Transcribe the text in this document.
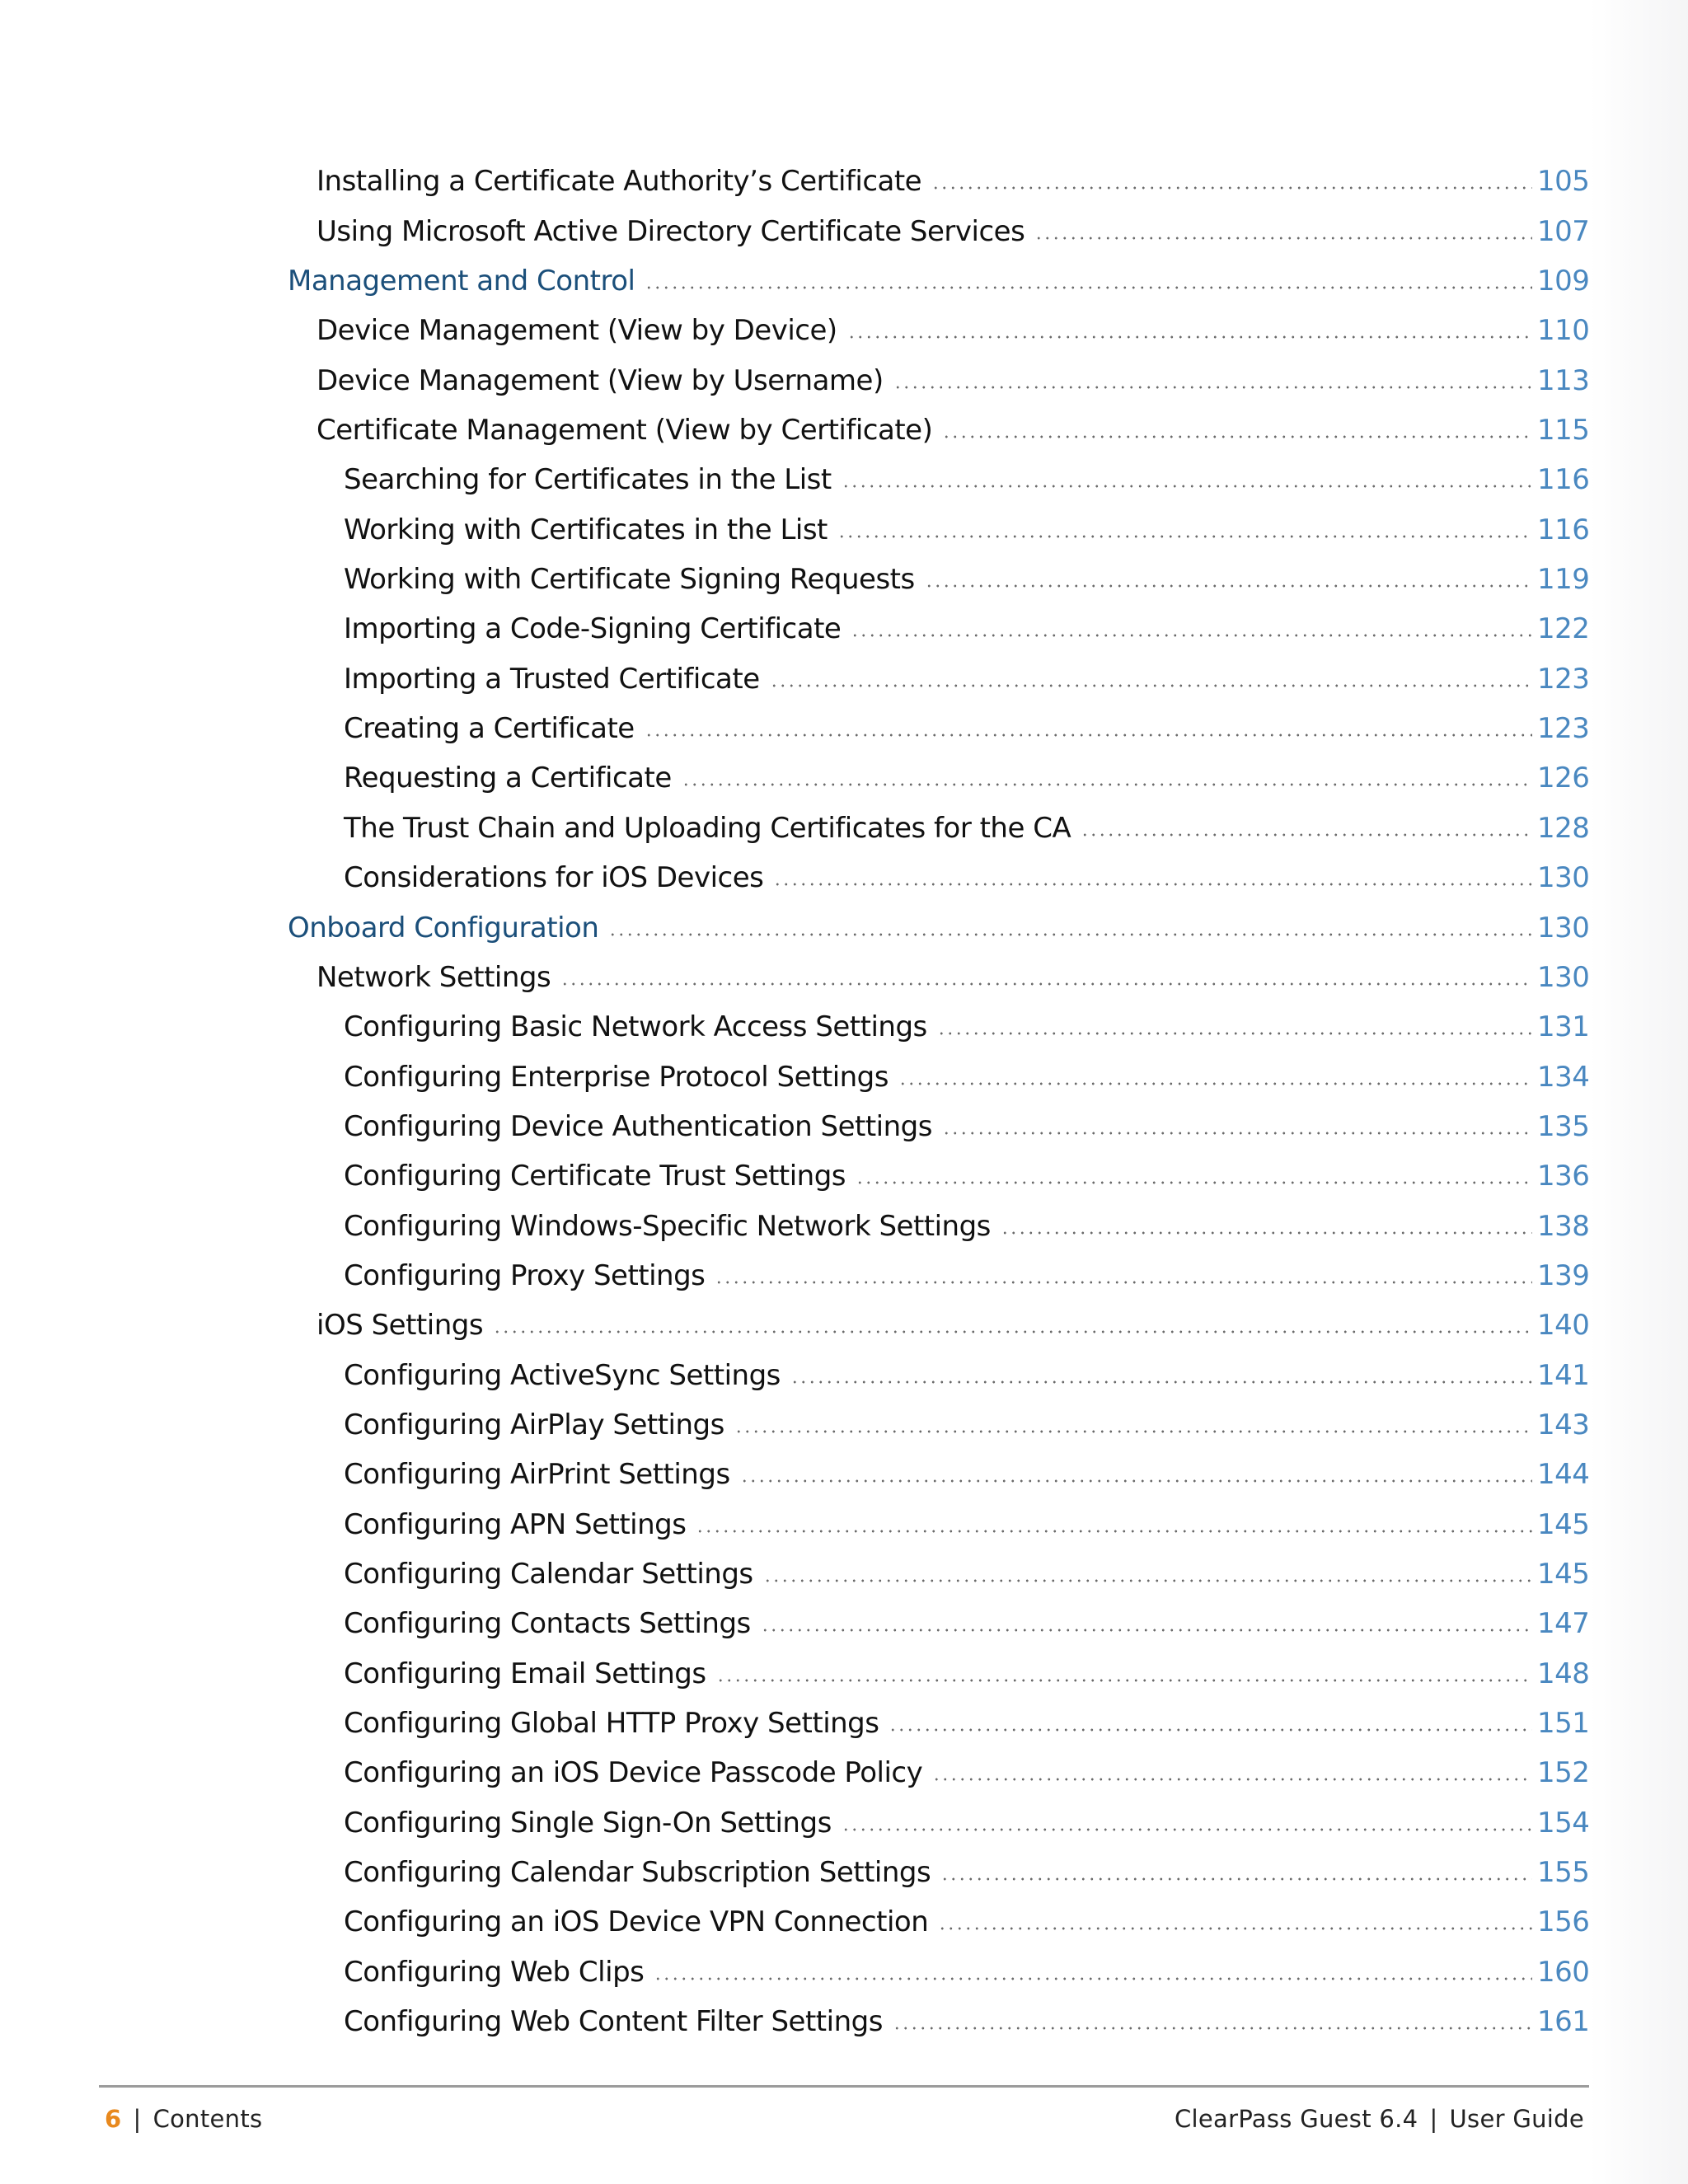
Installing a Certificate Authority’s Certificate	105
Using Microsoft Active Directory Certificate Services	107
Management and Control	109
Device Management (View by Device)	110
Device Management (View by Username)	113
Certificate Management (View by Certificate)	115
Searching for Certificates in the List	116
Working with Certificates in the List	116
Working with Certificate Signing Requests	119
Importing a Code-Signing Certificate	122
Importing a Trusted Certificate	123
Creating a Certificate	123
Requesting a Certificate	126
The Trust Chain and Uploading Certificates for the CA	128
Considerations for iOS Devices	130
Onboard Configuration	130
Network Settings	130
Configuring Basic Network Access Settings	131
Configuring Enterprise Protocol Settings	134
Configuring Device Authentication Settings	135
Configuring Certificate Trust Settings	136
Configuring Windows-Specific Network Settings	138
Configuring Proxy Settings	139
iOS Settings	140
Configuring ActiveSync Settings	141
Configuring AirPlay Settings	143
Configuring AirPrint Settings	144
Configuring APN Settings	145
Configuring Calendar Settings	145
Configuring Contacts Settings	147
Configuring Email Settings	148
Configuring Global HTTP Proxy Settings	151
Configuring an iOS Device Passcode Policy	152
Configuring Single Sign-On Settings	154
Configuring Calendar Subscription Settings	155
Configuring an iOS Device VPN Connection	156
Configuring Web Clips	160
Configuring Web Content Filter Settings	161
6 | Contents	ClearPass Guest 6.4 | User Guide
